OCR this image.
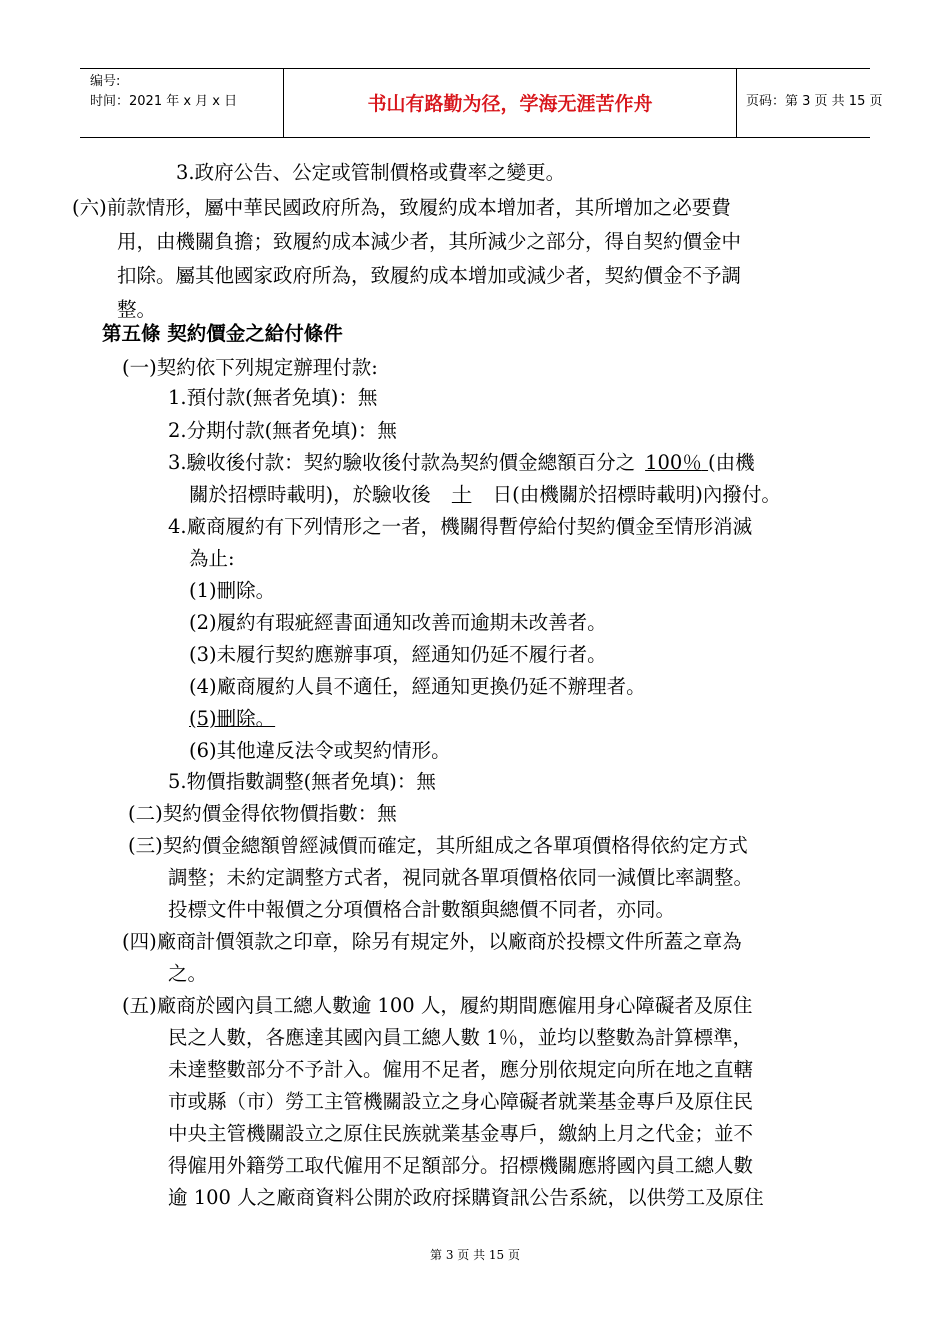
编号:
时间：2021 年 x 月 x 日	书山有路勤为径，学海无涯苦作舟	页码：第 3 页 共 15 页
3.政府公告、公定或管制價格或費率之變更。
(六)前款情形，屬中華民國政府所為，致履約成本增加者，其所增加之必要費
用，由機關負擔；致履約成本減少者，其所減少之部分，得自契約價金中
扣除。屬其他國家政府所為，致履約成本增加或減少者，契約價金不予調
整。
第五條 契約價金之給付條件
(一)契約依下列規定辦理付款:
1.預付款(無者免填)：無
2.分期付款(無者免填)：無
3.驗收後付款：契約驗收後付款為契約價金總額百分之 100％ (由機
關於招標時載明)，於驗收後 十 日(由機關於招標時載明)內撥付。
4.廠商履約有下列情形之一者，機關得暫停給付契約價金至情形消滅
為止:
(1)刪除。
(2)履約有瑕疵經書面通知改善而逾期未改善者。
(3)未履行契約應辦事項，經通知仍延不履行者。
(4)廠商履約人員不適任，經通知更換仍延不辦理者。
(5)刪除。
(6)其他違反法令或契約情形。
5.物價指數調整(無者免填)：無
(二)契約價金得依物價指數：無
(三)契約價金總額曾經減價而確定，其所組成之各單項價格得依約定方式
調整；未約定調整方式者，視同就各單項價格依同一減價比率調整。
投標文件中報價之分項價格合計數額與總價不同者，亦同。
(四)廠商計價領款之印章，除另有規定外，以廠商於投標文件所蓋之章為
之。
(五)廠商於國內員工總人數逾 100 人，履約期間應僱用身心障礙者及原住
民之人數，各應達其國內員工總人數 1％，並均以整數為計算標準，
未達整數部分不予計入。僱用不足者，應分別依規定向所在地之直轄
市或縣（市）勞工主管機關設立之身心障礙者就業基金專戶及原住民
中央主管機關設立之原住民族就業基金專戶，繳納上月之代金；並不
得僱用外籍勞工取代僱用不足額部分。招標機關應將國內員工總人數
逾 100 人之廠商資料公開於政府採購資訊公告系統，以供勞工及原住
第 3 页 共 15 页
